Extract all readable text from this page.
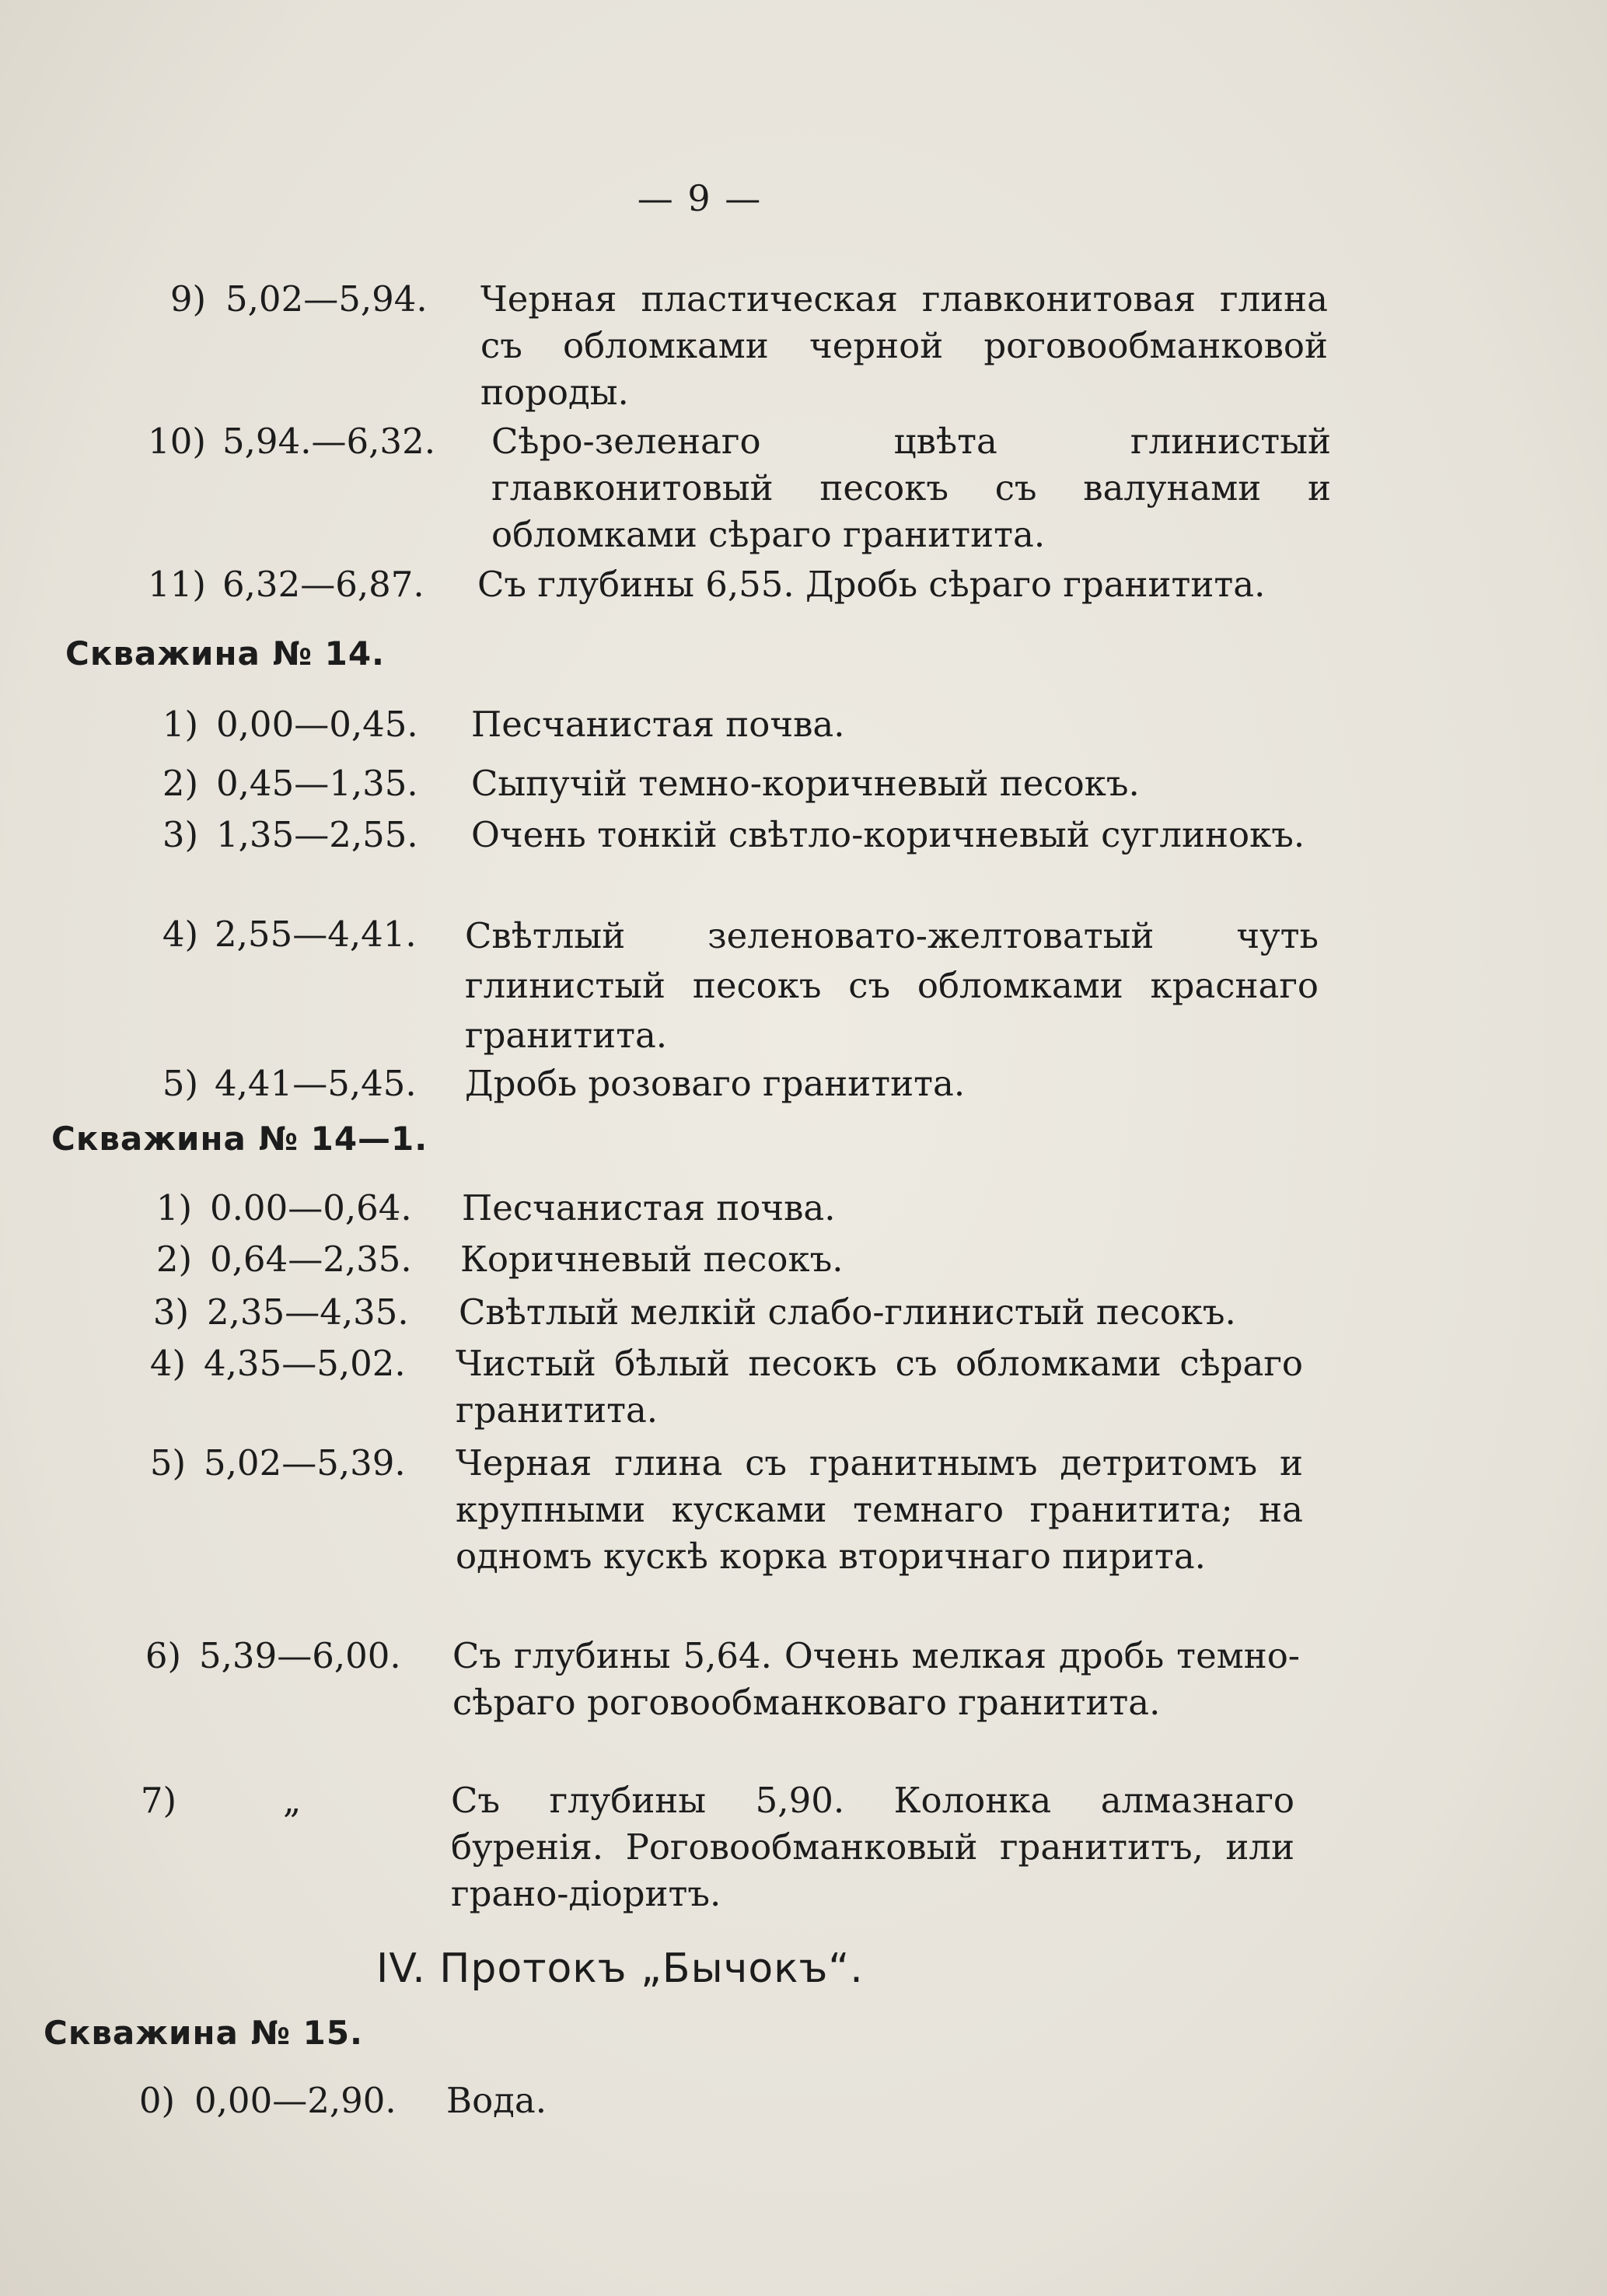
— 9 —
9) 5,02—5,94. Черная пластическая главконитовая глина съ обломками черной роговообманковой породы.
10) 5,94.—6,32. Сѣро-зеленаго цвѣта глинистый главконитовый песокъ съ валунами и обломками сѣраго гранитита.
11) 6,32—6,87. Съ глубины 6,55. Дробь сѣраго гранитита.
Скважина № 14.
1) 0,00—0,45. Песчанистая почва.
2) 0,45—1,35. Сыпучій темно-коричневый песокъ.
3) 1,35—2,55. Очень тонкій свѣтло-коричневый суглинокъ.
4) 2,55—4,41. Свѣтлый зеленовато-желтоватый чуть глинистый песокъ съ обломками краснаго гранитита.
5) 4,41—5,45. Дробь розоваго гранитита.
Скважина № 14—1.
1) 0.00—0,64. Песчанистая почва.
2) 0,64—2,35. Коричневый песокъ.
3) 2,35—4,35. Свѣтлый мелкій слабо-глинистый песокъ.
4) 4,35—5,02. Чистый бѣлый песокъ съ обломками сѣраго гранитита.
5) 5,02—5,39. Черная глина съ гранитнымъ детритомъ и крупными кусками темнаго гранитита; на одномъ кускѣ корка вторичнаго пирита.
6) 5,39—6,00. Съ глубины 5,64. Очень мелкая дробь темно-сѣраго роговообманковаго гранитита.
7)	„	Съ глубины 5,90. Колонка алмазнаго буренія. Роговообманковый гранититъ, или грано-діоритъ.
IV. Протокъ „Бычокъ“.
Скважина № 15.
0) 0,00—2,90. Вода.
